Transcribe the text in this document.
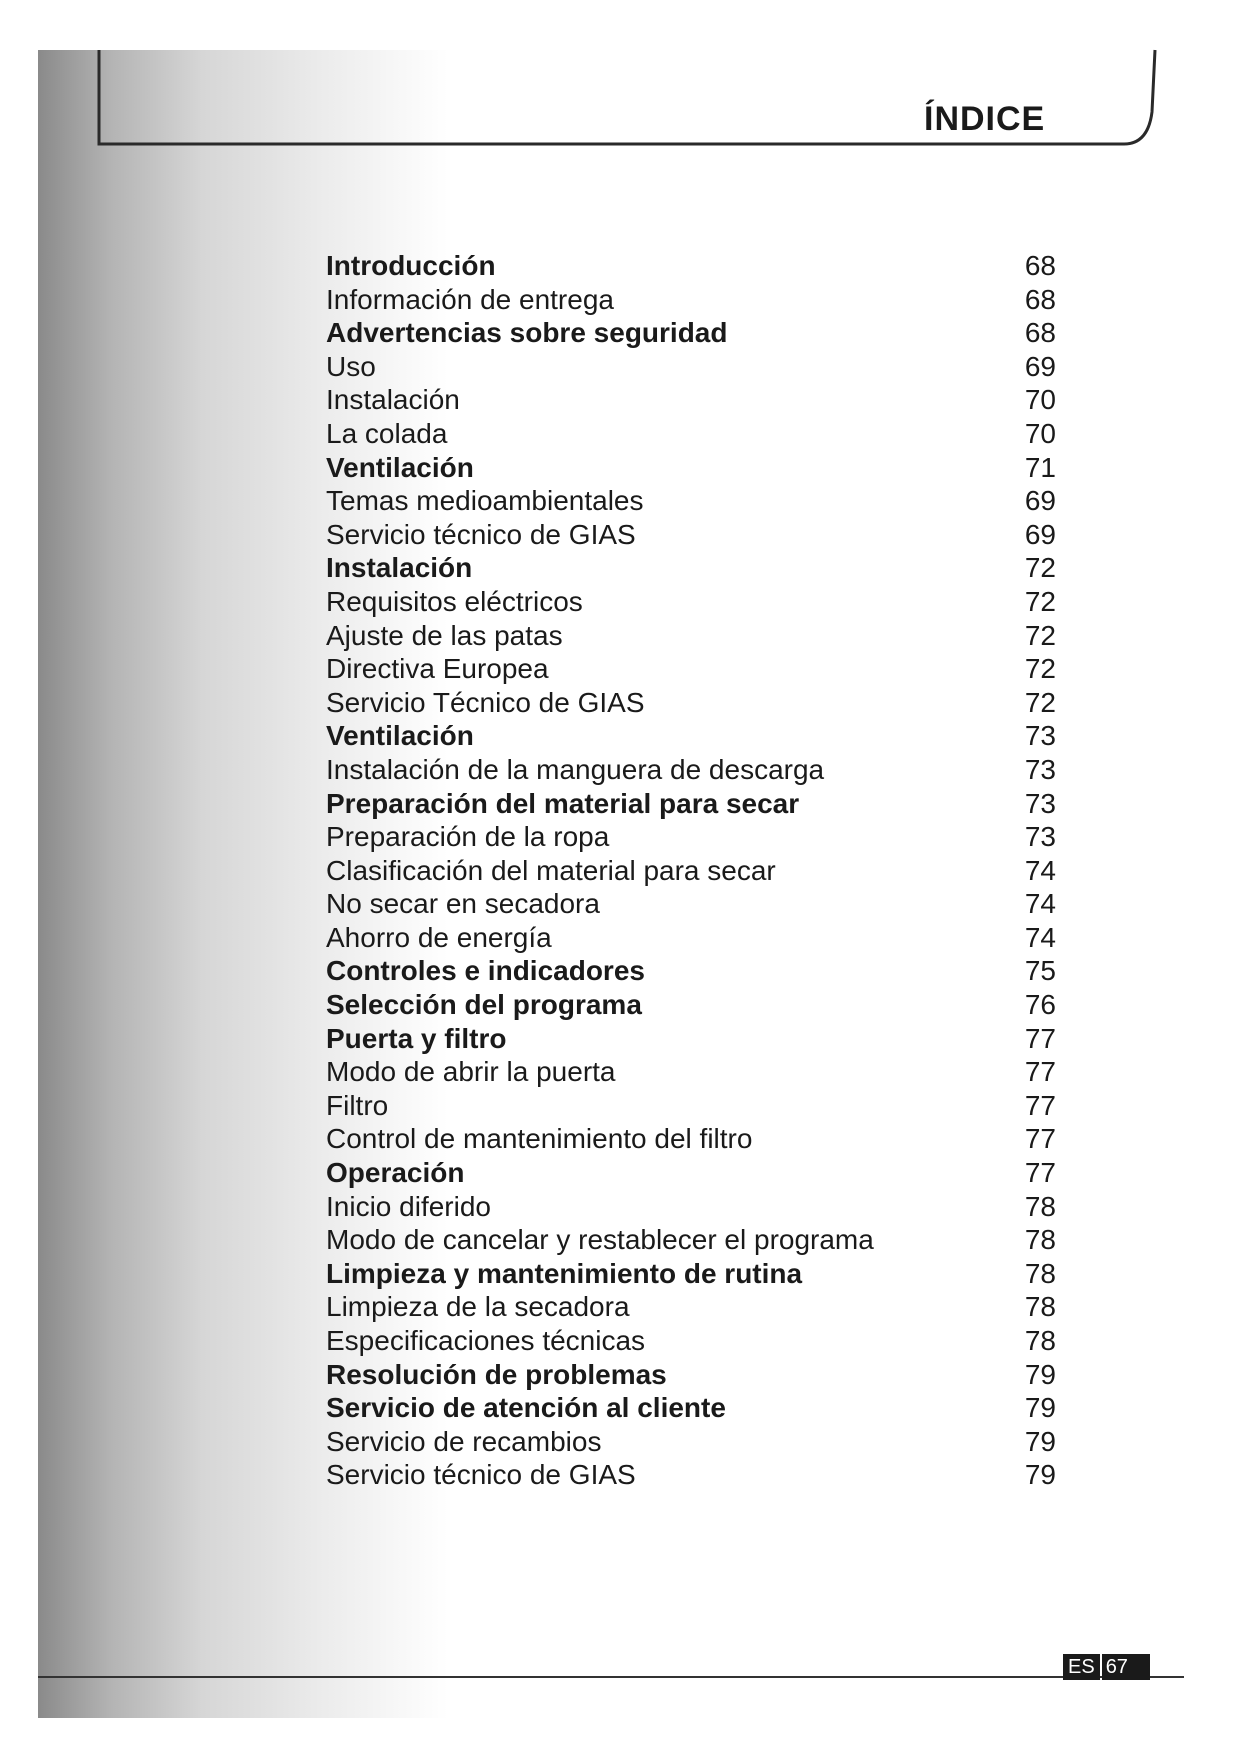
ÍNDICE
Introducción	68
Información de entrega	68
Advertencias sobre seguridad	68
Uso	69
Instalación	70
La colada	70
Ventilación	71
Temas medioambientales	69
Servicio técnico de GIAS	69
Instalación	72
Requisitos eléctricos	72
Ajuste de las patas	72
Directiva Europea	72
Servicio Técnico de GIAS	72
Ventilación	73
Instalación de la manguera de descarga	73
Preparación del material para secar	73
Preparación de la ropa	73
Clasificación del material para secar	74
No secar en secadora	74
Ahorro de energía	74
Controles e indicadores	75
Selección del programa	76
Puerta y filtro	77
Modo de abrir la puerta	77
Filtro	77
Control de mantenimiento del filtro	77
Operación	77
Inicio diferido	78
Modo de cancelar y restablecer el programa	78
Limpieza y mantenimiento de rutina	78
Limpieza de la secadora	78
Especificaciones técnicas	78
Resolución de problemas	79
Servicio de atención al cliente	79
Servicio de recambios	79
Servicio técnico de GIAS	79
ES 67
